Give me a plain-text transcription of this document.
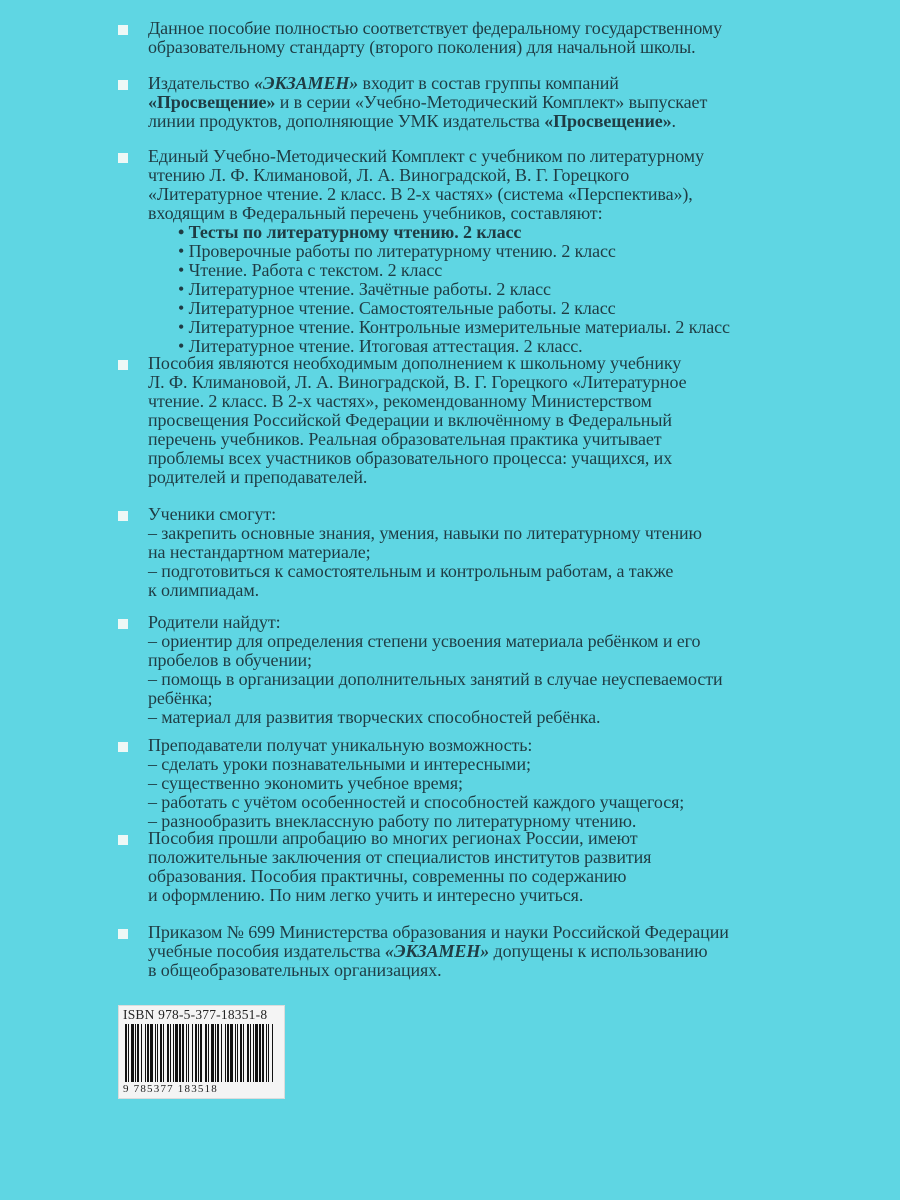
Данное пособие полностью соответствует федеральному государственному
образовательному стандарту (второго поколения) для начальной школы.
Издательство «ЭКЗАМЕН» входит в состав группы компаний
«Просвещение» и в серии «Учебно-Методический Комплект» выпускает
линии продуктов, дополняющие УМК издательства «Просвещение».
Единый Учебно-Методический Комплект с учебником по литературному
чтению Л. Ф. Климановой, Л. А. Виноградской, В. Г. Горецкого
«Литературное чтение. 2 класс. В 2-х частях» (система «Перспектива»),
входящим в Федеральный перечень учебников, составляют:
• Тесты по литературному чтению. 2 класс
• Проверочные работы по литературному чтению. 2 класс
• Чтение. Работа с текстом. 2 класс
• Литературное чтение. Зачётные работы. 2 класс
• Литературное чтение. Самостоятельные работы. 2 класс
• Литературное чтение. Контрольные измерительные материалы. 2 класс
• Литературное чтение. Итоговая аттестация. 2 класс.
Пособия являются необходимым дополнением к школьному учебнику
Л. Ф. Климановой, Л. А. Виноградской, В. Г. Горецкого «Литературное
чтение. 2 класс. В 2-х частях», рекомендованному Министерством
просвещения Российской Федерации и включённому в Федеральный
перечень учебников. Реальная образовательная практика учитывает
проблемы всех участников образовательного процесса: учащихся, их
родителей и преподавателей.
Ученики смогут:
– закрепить основные знания, умения, навыки по литературному чтению
на нестандартном материале;
– подготовиться к самостоятельным и контрольным работам, а также
к олимпиадам.
Родители найдут:
– ориентир для определения степени усвоения материала ребёнком и его
пробелов в обучении;
– помощь в организации дополнительных занятий в случае неуспеваемости
ребёнка;
– материал для развития творческих способностей ребёнка.
Преподаватели получат уникальную возможность:
– сделать уроки познавательными и интересными;
– существенно экономить учебное время;
– работать с учётом особенностей и способностей каждого учащегося;
– разнообразить внеклассную работу по литературному чтению.
Пособия прошли апробацию во многих регионах России, имеют
положительные заключения от специалистов институтов развития
образования. Пособия практичны, современны по содержанию
и оформлению. По ним легко учить и интересно учиться.
Приказом № 699 Министерства образования и науки Российской Федерации
учебные пособия издательства «ЭКЗАМЕН» допущены к использованию
в общеобразовательных организациях.
ISBN 978-5-377-18351-8
9 785377 183518
